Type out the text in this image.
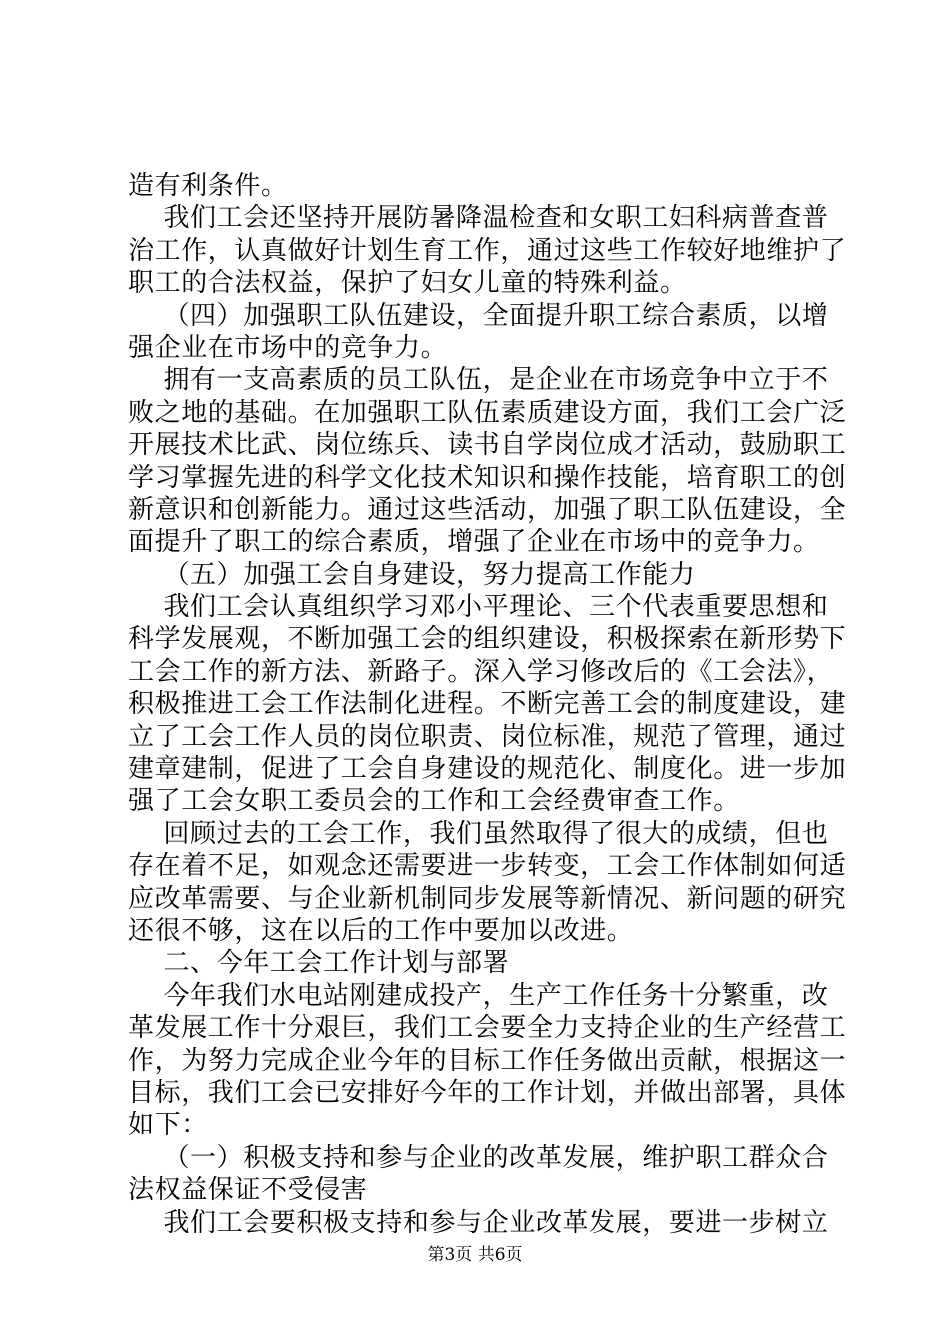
造有利条件。
我们工会还坚持开展防暑降温检查和女职工妇科病普查普
治工作，认真做好计划生育工作，通过这些工作较好地维护了
职工的合法权益，保护了妇女儿童的特殊利益。
（四）加强职工队伍建设，全面提升职工综合素质，以增
强企业在市场中的竞争力。
拥有一支高素质的员工队伍，是企业在市场竞争中立于不
败之地的基础。在加强职工队伍素质建设方面，我们工会广泛
开展技术比武、岗位练兵、读书自学岗位成才活动，鼓励职工
学习掌握先进的科学文化技术知识和操作技能，培育职工的创
新意识和创新能力。通过这些活动，加强了职工队伍建设，全
面提升了职工的综合素质，增强了企业在市场中的竞争力。
（五）加强工会自身建设，努力提高工作能力
我们工会认真组织学习邓小平理论、三个代表重要思想和
科学发展观，不断加强工会的组织建设，积极探索在新形势下
工会工作的新方法、新路子。深入学习修改后的《工会法》，
积极推进工会工作法制化进程。不断完善工会的制度建设，建
立了工会工作人员的岗位职责、岗位标准，规范了管理，通过
建章建制，促进了工会自身建设的规范化、制度化。进一步加
强了工会女职工委员会的工作和工会经费审查工作。
回顾过去的工会工作，我们虽然取得了很大的成绩，但也
存在着不足，如观念还需要进一步转变，工会工作体制如何适
应改革需要、与企业新机制同步发展等新情况、新问题的研究
还很不够，这在以后的工作中要加以改进。
二、今年工会工作计划与部署
今年我们水电站刚建成投产，生产工作任务十分繁重，改
革发展工作十分艰巨，我们工会要全力支持企业的生产经营工
作，为努力完成企业今年的目标工作任务做出贡献，根据这一
目标，我们工会已安排好今年的工作计划，并做出部署，具体
如下：
（一）积极支持和参与企业的改革发展，维护职工群众合
法权益保证不受侵害
我们工会要积极支持和参与企业改革发展，要进一步树立
第3页 共6页
